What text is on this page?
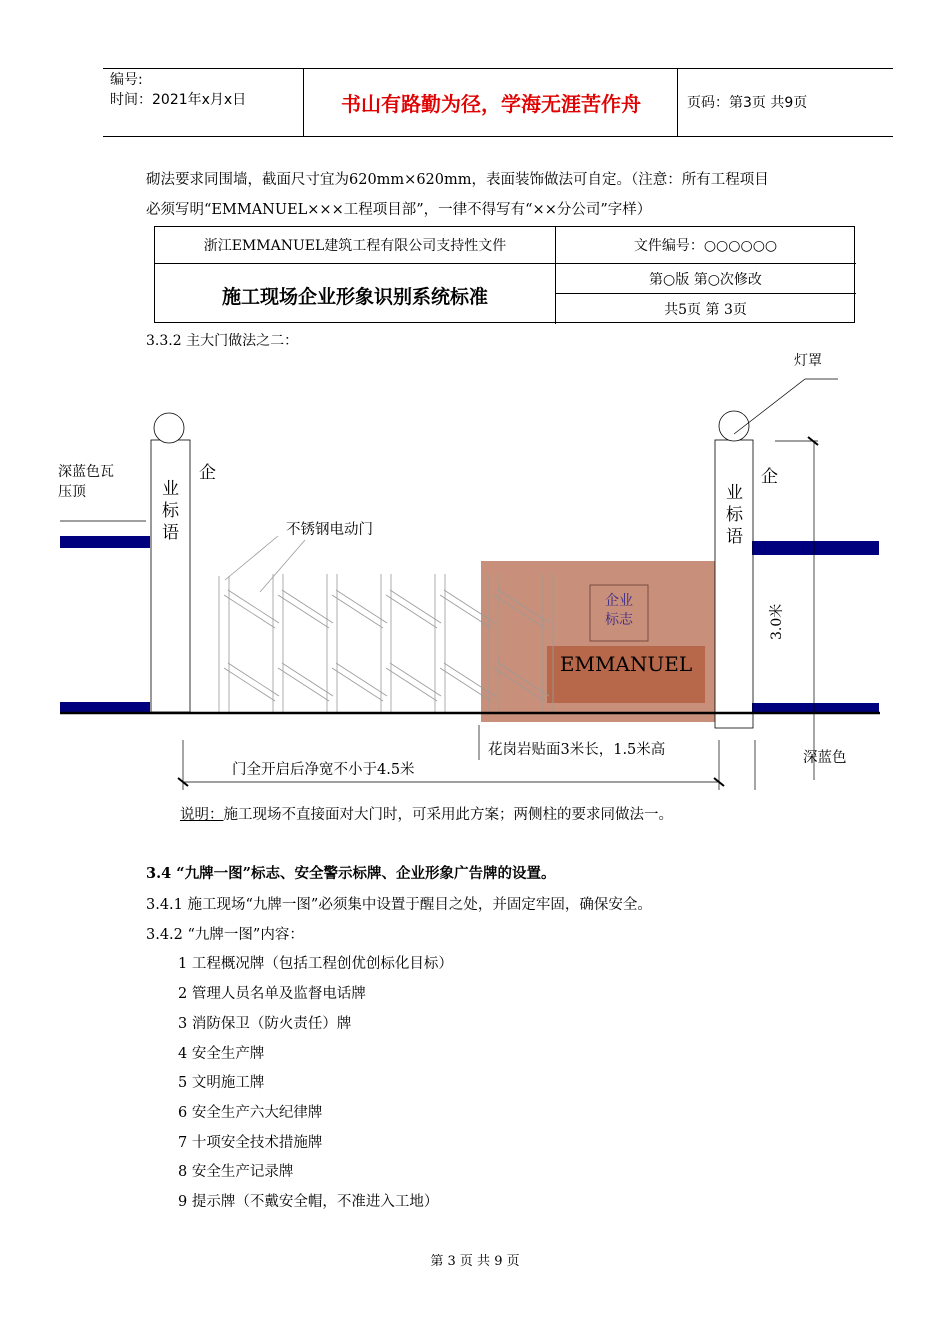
编号:
时间：2021年x月x日	书山有路勤为径，学海无涯苦作舟	页码：第3页 共9页
砌法要求同围墙，截面尺寸宜为620mm×620mm，表面装饰做法可自定。（注意：所有工程项目
必须写明“EMMANUEL×××工程项目部”，一律不得写有“××分公司”字样）
浙江EMMANUEL建筑工程有限公司支持性文件	文件编号：○○○○○○
施工现场企业形象识别系统标准
第○版 第○次修改
共5页 第 3页
3.3.2 主大门做法之二：
灯罩
深蓝色瓦
压顶
企
业
标
语
企
业
标
语
不锈钢电动门
企业
标志
EMMANUEL
3.0米
花岗岩贴面3米长，1.5米高
门全开启后净宽不小于4.5米
深蓝色
说明：施工现场不直接面对大门时，可采用此方案；两侧柱的要求同做法一。
3.4 “九牌一图”标志、安全警示标牌、企业形象广告牌的设置。
3.4.1 施工现场“九牌一图”必须集中设置于醒目之处，并固定牢固，确保安全。
3.4.2 “九牌一图”内容：
1 工程概况牌（包括工程创优创标化目标）
2 管理人员名单及监督电话牌
3 消防保卫（防火责任）牌
4 安全生产牌
5 文明施工牌
6 安全生产六大纪律牌
7 十项安全技术措施牌
8 安全生产记录牌
9 提示牌（不戴安全帽，不准进入工地）
第 3 页 共 9 页
